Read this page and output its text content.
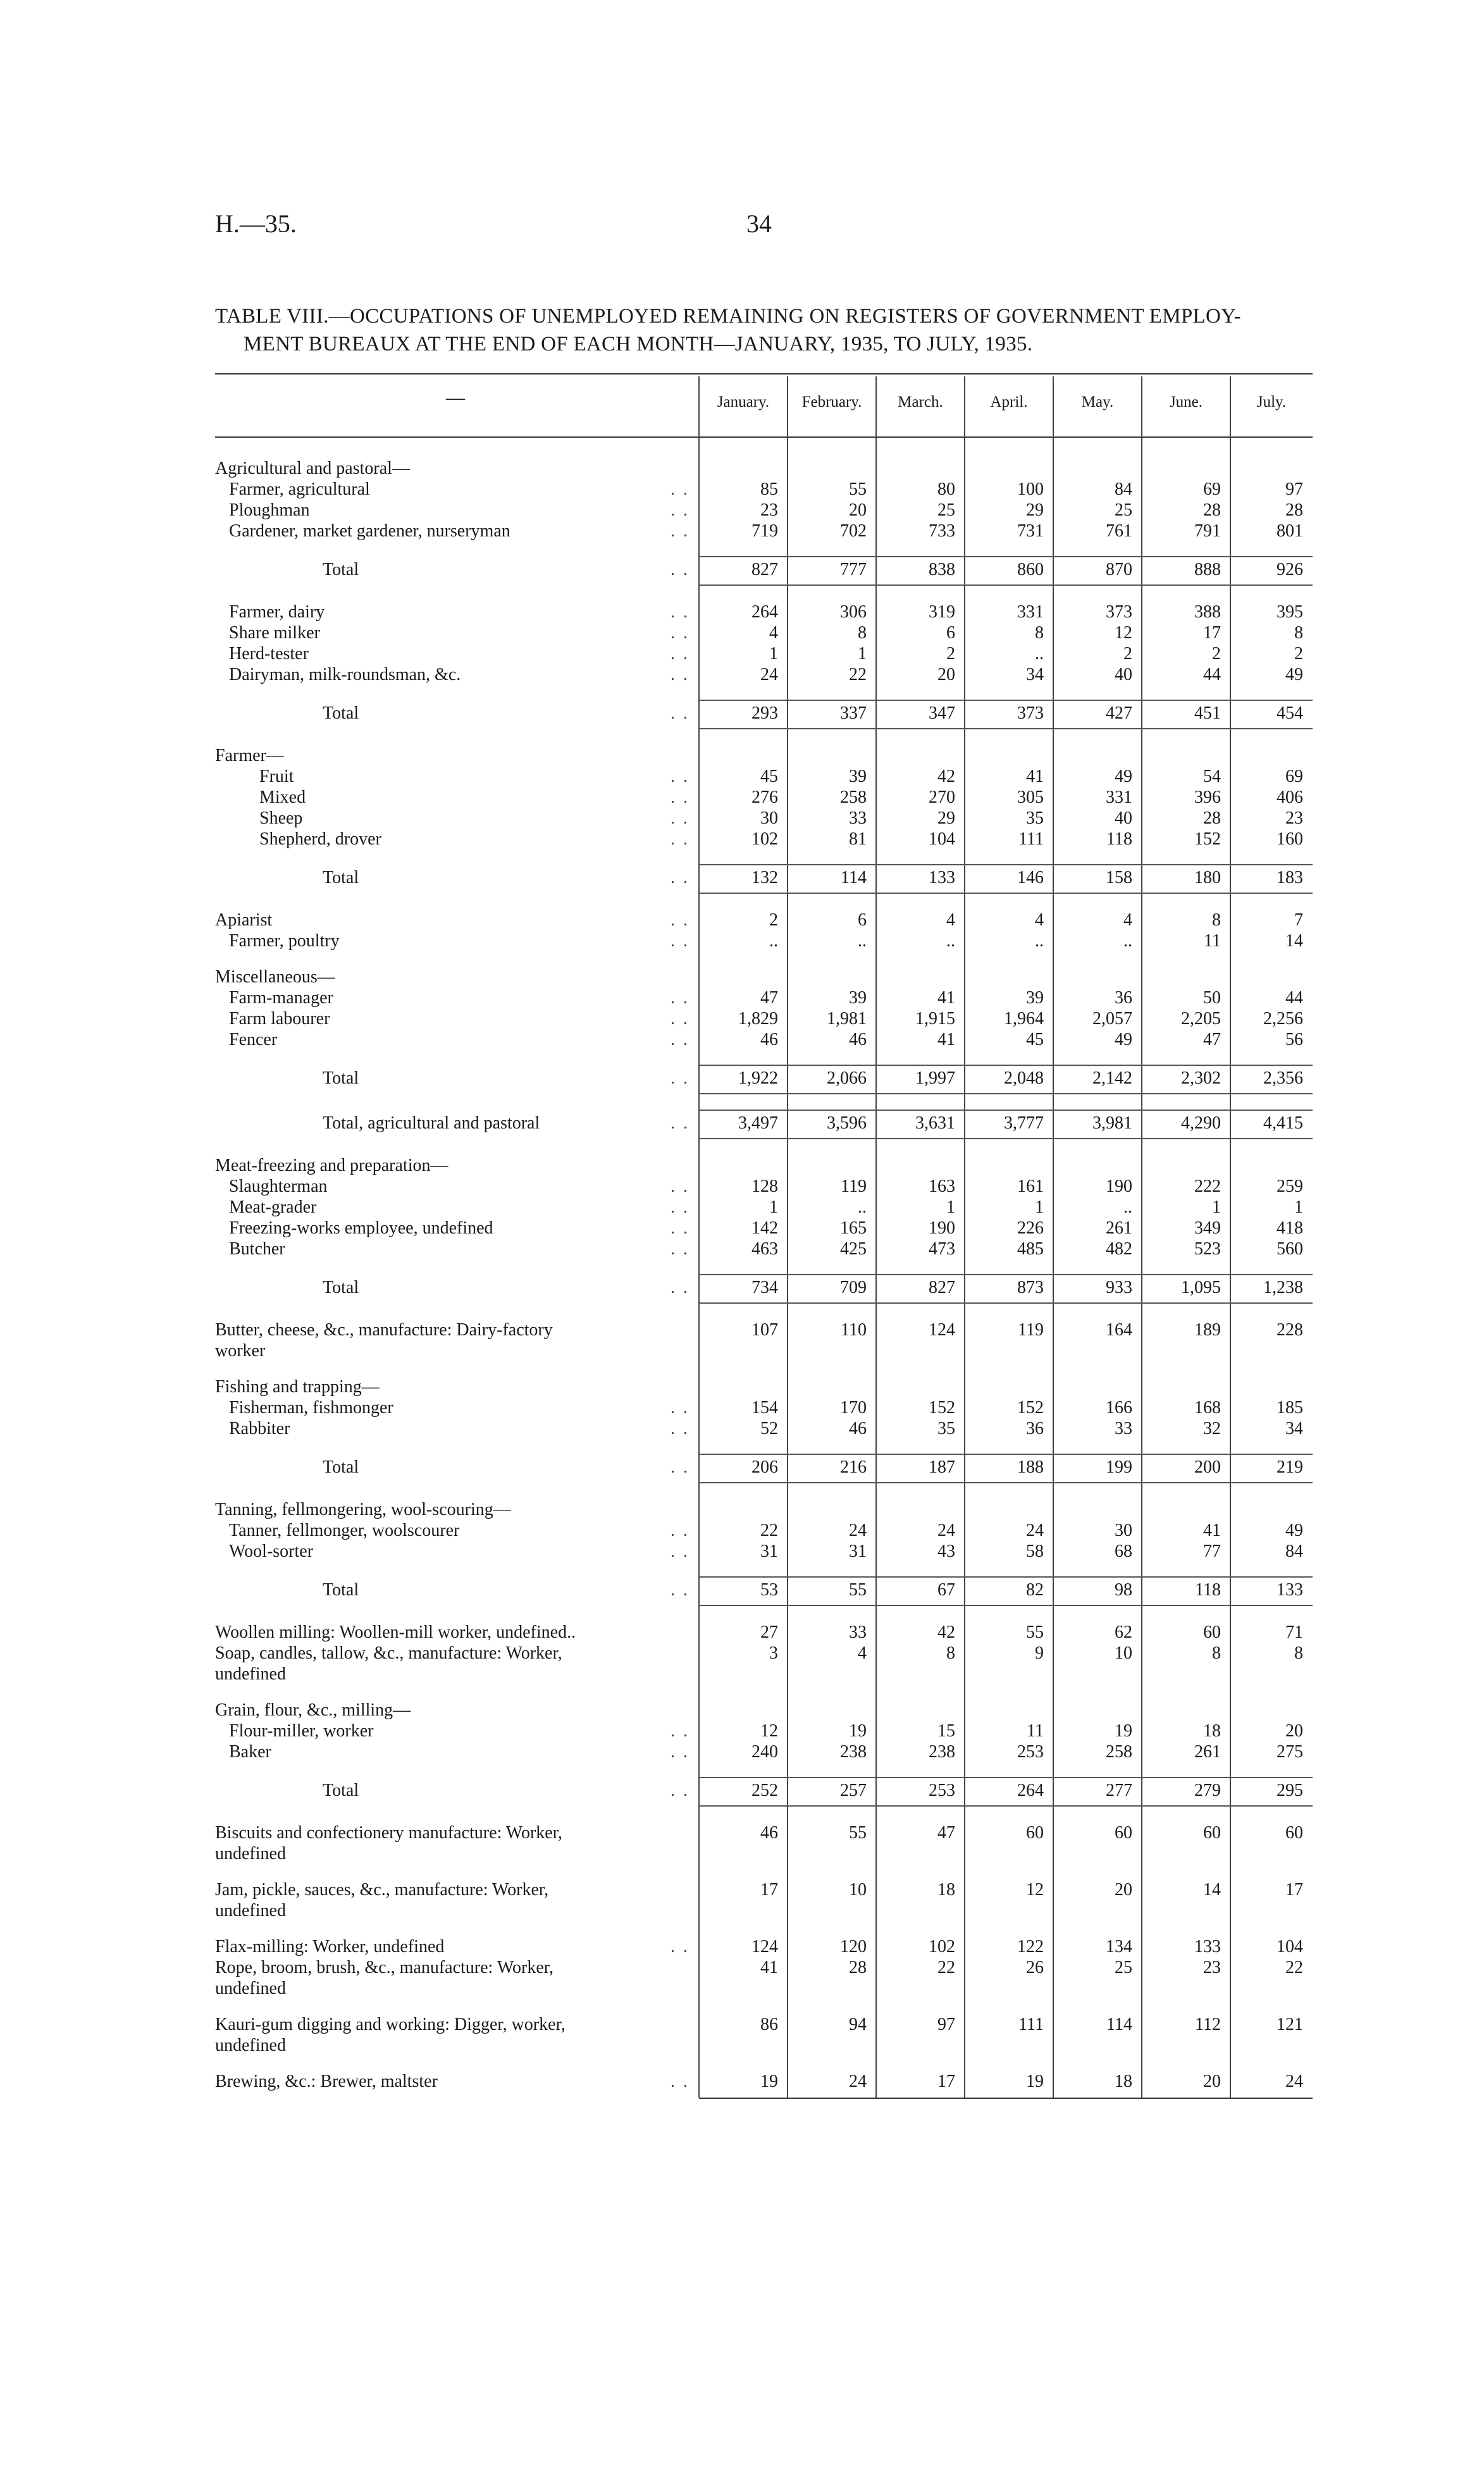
H.—35.	34
TABLE VIII.—OCCUPATIONS OF UNEMPLOYED REMAINING ON REGISTERS OF GOVERNMENT EMPLOY-
MENT BUREAUX AT THE END OF EACH MONTH—JANUARY, 1935, TO JULY, 1935.
—	January.	February.	March.	April.	May.	June.	July.
Agricultural and pastoral—
Farmer, agricultural	. .	85	55	80	100	84	69	97
Ploughman	. .	23	20	25	29	25	28	28
Gardener, market gardener, nurseryman	. .	719	702	733	731	761	791	801
Total	. .	827	777	838	860	870	888	926
Farmer, dairy	. .	264	306	319	331	373	388	395
Share milker	. .	4	8	6	8	12	17	8
Herd-tester	. .	1	1	2	..	2	2	2
Dairyman, milk-roundsman, &c.	. .	24	22	20	34	40	44	49
Total	. .	293	337	347	373	427	451	454
Farmer—
Fruit	. .	45	39	42	41	49	54	69
Mixed	. .	276	258	270	305	331	396	406
Sheep	. .	30	33	29	35	40	28	23
Shepherd, drover	. .	102	81	104	111	118	152	160
Total	. .	132	114	133	146	158	180	183
Apiarist	. .	2	6	4	4	4	8	7
Farmer, poultry	. .	..	..	..	..	..	11	14
Miscellaneous—
Farm-manager	. .	47	39	41	39	36	50	44
Farm labourer	. .	1,829	1,981	1,915	1,964	2,057	2,205	2,256
Fencer	. .	46	46	41	45	49	47	56
Total	. .	1,922	2,066	1,997	2,048	2,142	2,302	2,356
Total, agricultural and pastoral	. .	3,497	3,596	3,631	3,777	3,981	4,290	4,415
Meat-freezing and preparation—
Slaughterman	. .	128	119	163	161	190	222	259
Meat-grader	. .	1	..	1	1	..	1	1
Freezing-works employee, undefined	. .	142	165	190	226	261	349	418
Butcher	. .	463	425	473	485	482	523	560
Total	. .	734	709	827	873	933	1,095	1,238
Butter, cheese, &c., manufacture: Dairy-factory	107	110	124	119	164	189	228
worker
Fishing and trapping—
Fisherman, fishmonger	. .	154	170	152	152	166	168	185
Rabbiter	. .	52	46	35	36	33	32	34
Total	. .	206	216	187	188	199	200	219
Tanning, fellmongering, wool-scouring—
Tanner, fellmonger, woolscourer	. .	22	24	24	24	30	41	49
Wool-sorter	. .	31	31	43	58	68	77	84
Total	. .	53	55	67	82	98	118	133
Woollen milling: Woollen-mill worker, undefined..	27	33	42	55	62	60	71
Soap, candles, tallow, &c., manufacture: Worker,	3	4	8	9	10	8	8
undefined
Grain, flour, &c., milling—
Flour-miller, worker	. .	12	19	15	11	19	18	20
Baker	. .	240	238	238	253	258	261	275
Total	. .	252	257	253	264	277	279	295
Biscuits and confectionery manufacture: Worker,	46	55	47	60	60	60	60
undefined
Jam, pickle, sauces, &c., manufacture: Worker,	17	10	18	12	20	14	17
undefined
Flax-milling: Worker, undefined	. .	124	120	102	122	134	133	104
Rope, broom, brush, &c., manufacture: Worker,	41	28	22	26	25	23	22
undefined
Kauri-gum digging and working: Digger, worker,	86	94	97	111	114	112	121
undefined
Brewing, &c.: Brewer, maltster	. .	19	24	17	19	18	20	24
